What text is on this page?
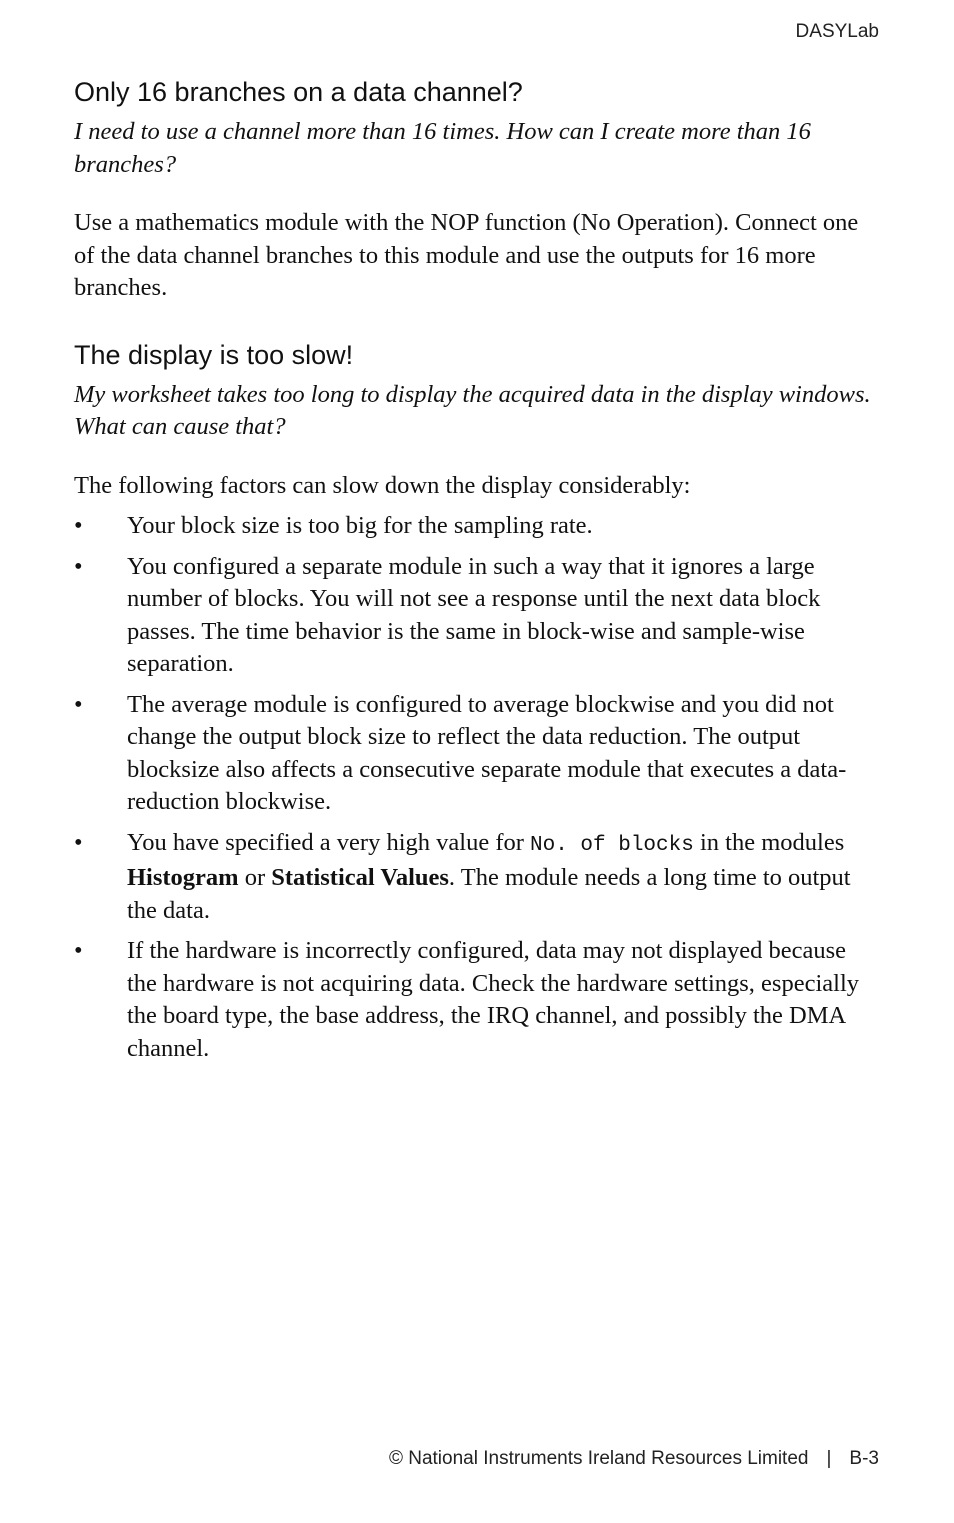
DASYLab
Only 16 branches on a data channel?

I need to use a channel more than 16 times. How can I create more than 16 branches?

Use a mathematics module with the NOP function (No Operation). Connect one of the data channel branches to this module and use the outputs for 16 more branches.

The display is too slow!

My worksheet takes too long to display the acquired data in the display windows. What can cause that?

The following factors can slow down the display considerably:

• Your block size is too big for the sampling rate.
• You configured a separate module in such a way that it ignores a large number of blocks. You will not see a response until the next data block passes. The time behavior is the same in block-wise and sample-wise separation.
• The average module is configured to average blockwise and you did not change the output block size to reflect the data reduction. The output blocksize also affects a consecutive separate module that executes a data-reduction blockwise.
• You have specified a very high value for No. of blocks in the modules Histogram or Statistical Values. The module needs a long time to output the data.
• If the hardware is incorrectly configured, data may not displayed because the hardware is not acquiring data. Check the hardware settings, especially the board type, the base address, the IRQ channel, and possibly the DMA channel.
© National Instruments Ireland Resources Limited | B-3
